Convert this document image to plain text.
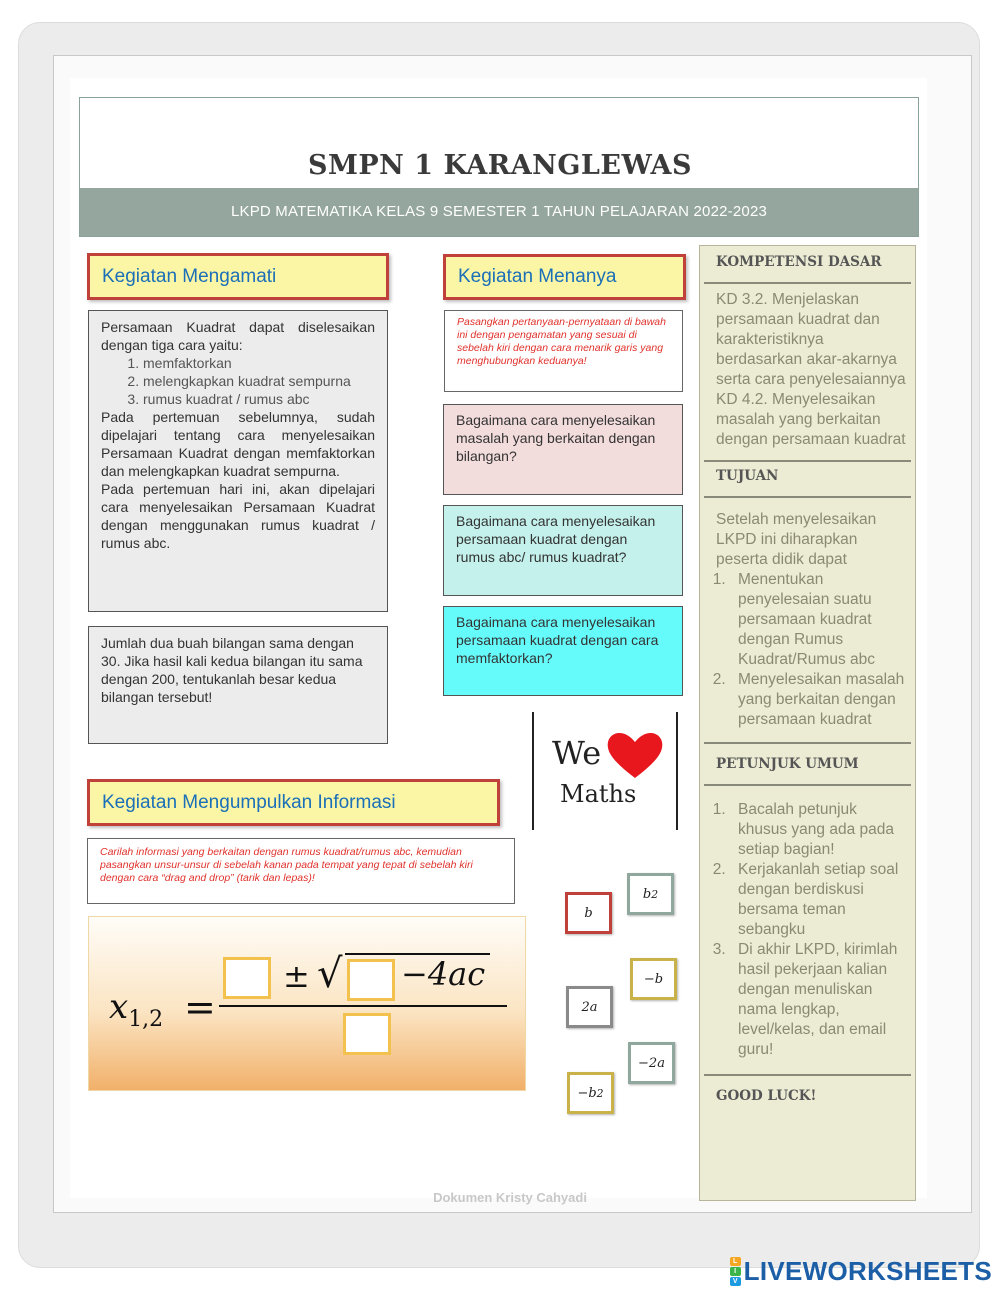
SMPN 1 KARANGLEWAS
LKPD MATEMATIKA KELAS 9 SEMESTER 1 TAHUN PELAJARAN 2022-2023
Kegiatan Mengamati
Persamaan Kuadrat dapat diselesaikan dengan tiga cara yaitu:
1. memfaktorkan
2. melengkapkan kuadrat sempurna
3. rumus kuadrat / rumus abc
Pada pertemuan sebelumnya, sudah dipelajari tentang cara menyelesaikan Persamaan Kuadrat dengan memfaktorkan dan melengkapkan kuadrat sempurna.
Pada pertemuan hari ini, akan dipelajari cara menyelesaikan Persamaan Kuadrat dengan menggunakan rumus kuadrat / rumus abc.
Jumlah dua buah bilangan sama dengan 30. Jika hasil kali kedua bilangan itu sama dengan 200, tentukanlah besar kedua bilangan tersebut!
Kegiatan Menanya
Pasangkan pertanyaan-pernyataan di bawah ini dengan pengamatan yang sesuai di sebelah kiri dengan cara menarik garis yang menghubungkan keduanya!
Bagaimana cara menyelesaikan masalah yang berkaitan dengan bilangan?
Bagaimana cara menyelesaikan persamaan kuadrat dengan rumus abc/ rumus kuadrat?
Bagaimana cara menyelesaikan persamaan kuadrat dengan cara memfaktorkan?
We
Maths
Kegiatan Mengumpulkan Informasi
Carilah informasi yang berkaitan dengan rumus kuadrat/rumus abc, kemudian pasangkan unsur-unsur di sebelah kanan pada tempat yang tepat di sebelah kiri dengan cara “drag and drop” (tarik dan lepas)!
$x_{1,2}$ =
± √ −4ac
b
b 2
−b
2a
−2a
−b 2
KOMPETENSI DASAR
KD 3.2. Menjelaskan persamaan kuadrat dan karakteristiknya berdasarkan akar-akarnya serta cara penyelesaiannya KD 4.2. Menyelesaikan masalah yang berkaitan dengan persamaan kuadrat
TUJUAN
Setelah menyelesaikan LKPD ini diharapkan peserta didik dapat
1. Menentukan penyelesaian suatu persamaan kuadrat dengan Rumus Kuadrat/Rumus abc
2. Menyelesaikan masalah yang berkaitan dengan persamaan kuadrat
PETUNJUK UMUM
1. Bacalah petunjuk khusus yang ada pada setiap bagian!
2. Kerjakanlah setiap soal dengan berdiskusi bersama teman sebangku
3. Di akhir LKPD, kirimlah hasil pekerjaan kalian dengan menuliskan nama lengkap, level/kelas, dan email guru!
GOOD LUCK!
Dokumen Kristy Cahyadi
L
I
V LIVEWORKSHEETS
